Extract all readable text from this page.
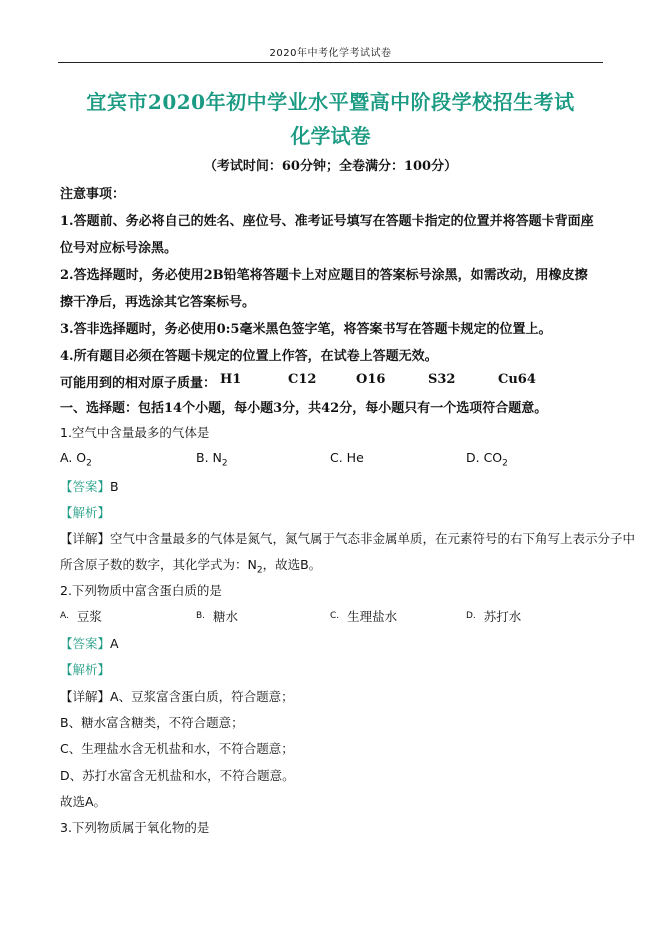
2020年中考化学考试试卷
宜宾市2020年初中学业水平暨高中阶段学校招生考试
化学试卷
（考试时间：60分钟；全卷满分：100分）
注意事项：
1.答题前、务必将自己的姓名、座位号、准考证号填写在答题卡指定的位置并将答题卡背面座
位号对应标号涂黑。
2.答选择题时，务必使用2B铅笔将答题卡上对应题目的答案标号涂黑，如需改动，用橡皮擦
擦干净后，再选涂其它答案标号。
3.答非选择题时，务必使用0:5毫米黑色签字笔，将答案书写在答题卡规定的位置上。
4.所有题目必须在答题卡规定的位置上作答，在试卷上答题无效。
可能用到的相对原子质量： H1	C12	O16	S32	Cu64
一、选择题：包括14个小题，每小题3分，共42分，每小题只有一个选项符合题意。
1.空气中含量最多的气体是
A. $O_2$	B. $N_2$	C. He	D. $CO_2$
【答案】B
【解析】
【详解】空气中含量最多的气体是氮气，氮气属于气态非金属单质，在元素符号的右下角写上表示分子中
所含原子数的数字，其化学式为：$N_2$，故选B。
2.下列物质中富含蛋白质的是
$^{A.}$ 豆浆	$^{B.}$ 糖水	$^{C.}$ 生理盐水	$^{D.}$ 苏打水
【答案】A
【解析】
【详解】A、豆浆富含蛋白质，符合题意；
B、糖水富含糖类，不符合题意；
C、生理盐水含无机盐和水，不符合题意；
D、苏打水富含无机盐和水，不符合题意。
故选A。
3.下列物质属于氧化物的是
